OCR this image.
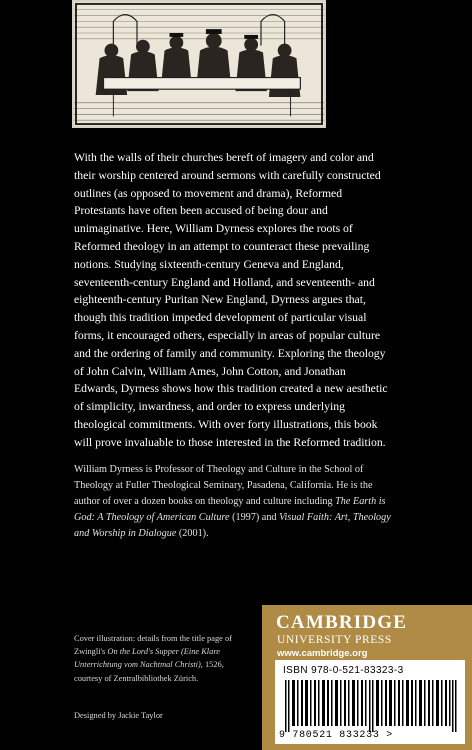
With the walls of their churches bereft of imagery and color and their worship centered around sermons with carefully constructed outlines (as opposed to movement and drama), Reformed Protestants have often been accused of being dour and unimaginative. Here, William Dyrness explores the roots of Reformed theology in an attempt to counteract these prevailing notions. Studying sixteenth-century Geneva and England, seventeenth-century England and Holland, and seventeenth- and eighteenth-century Puritan New England, Dyrness argues that, though this tradition impeded development of particular visual forms, it encouraged others, especially in areas of popular culture and the ordering of family and community. Exploring the theology of John Calvin, William Ames, John Cotton, and Jonathan Edwards, Dyrness shows how this tradition created a new aesthetic of simplicity, inwardness, and order to express underlying theological commitments. With over forty illustrations, this book will prove invaluable to those interested in the Reformed tradition.

William Dyrness is Professor of Theology and Culture in the School of Theology at Fuller Theological Seminary, Pasadena, California. He is the author of over a dozen books on theology and culture including The Earth is God: A Theology of American Culture (1997) and Visual Faith: Art, Theology and Worship in Dialogue (2001).

Cover illustration: details from the title page of Zwingli's On the Lord's Supper (Eine Klare Unterrichtung vom Nachtmal Christi), 1526, courtesy of Zentralbibliothek Zürich.

Designed by Jackie Taylor

CAMBRIDGE

UNIVERSITY PRESS

www.cambridge.org

ISBN 978-0-521-83323-3

9 780521 833233 >
